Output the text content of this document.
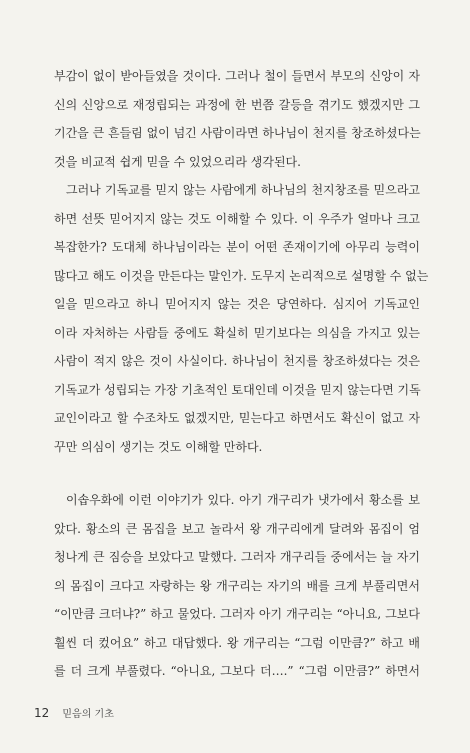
부감이 없이 받아들였을 것이다. 그러나 철이 들면서 부모의 신앙이 자
신의 신앙으로 재정립되는 과정에 한 번쯤 갈등을 겪기도 했겠지만 그
기간을 큰 흔들림 없이 넘긴 사람이라면 하나님이 천지를 창조하셨다는
것을 비교적 쉽게 믿을 수 있었으리라 생각된다.
그러나 기독교를 믿지 않는 사람에게 하나님의 천지창조를 믿으라고
하면 선뜻 믿어지지 않는 것도 이해할 수 있다. 이 우주가 얼마나 크고
복잡한가? 도대체 하나님이라는 분이 어떤 존재이기에 아무리 능력이
많다고 해도 이것을 만든다는 말인가. 도무지 논리적으로 설명할 수 없는
일을 믿으라고 하니 믿어지지 않는 것은 당연하다. 심지어 기독교인
이라 자처하는 사람들 중에도 확실히 믿기보다는 의심을 가지고 있는
사람이 적지 않은 것이 사실이다. 하나님이 천지를 창조하셨다는 것은
기독교가 성립되는 가장 기초적인 토대인데 이것을 믿지 않는다면 기독
교인이라고 할 수조차도 없겠지만, 믿는다고 하면서도 확신이 없고 자
꾸만 의심이 생기는 것도 이해할 만하다.
이솝우화에 이런 이야기가 있다. 아기 개구리가 냇가에서 황소를 보
았다. 황소의 큰 몸집을 보고 놀라서 왕 개구리에게 달려와 몸집이 엄
청나게 큰 짐승을 보았다고 말했다. 그러자 개구리들 중에서는 늘 자기
의 몸집이 크다고 자랑하는 왕 개구리는 자기의 배를 크게 부풀리면서
“이만큼 크더냐?” 하고 물었다. 그러자 아기 개구리는 “아니요, 그보다
훨씬 더 컸어요” 하고 대답했다. 왕 개구리는 “그럼 이만큼?” 하고 배
를 더 크게 부풀렸다. “아니요, 그보다 더….” “그럼 이만큼?” 하면서
12 믿음의 기초
